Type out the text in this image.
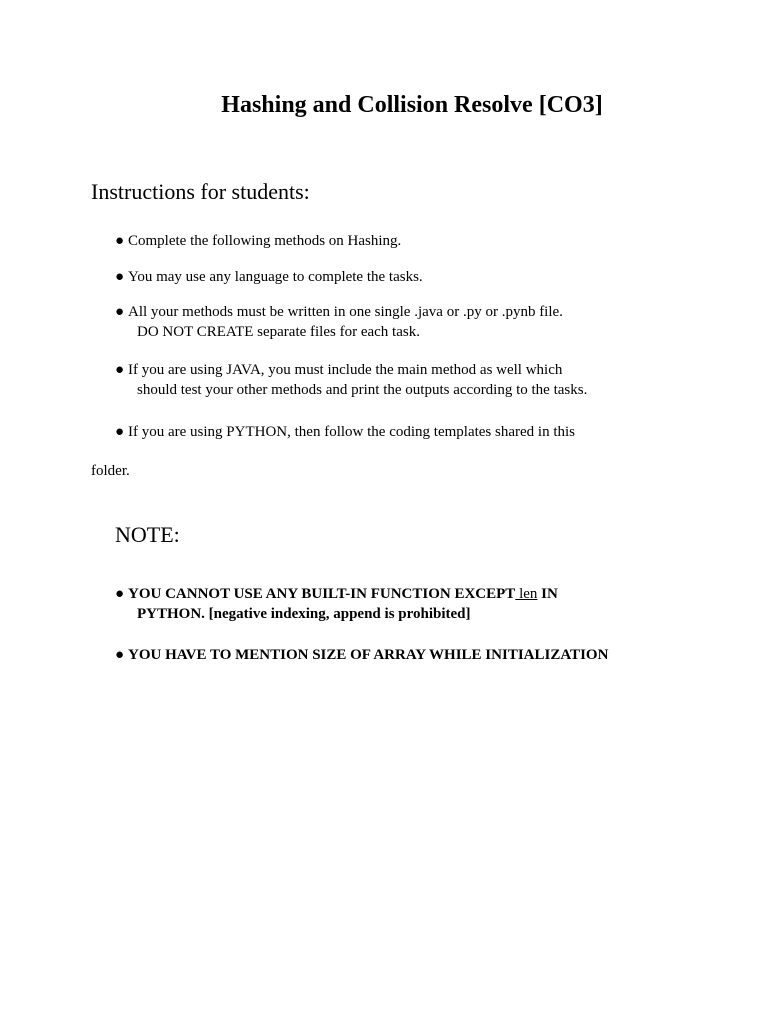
Hashing and Collision Resolve [CO3]
Instructions for students:
● Complete the following methods on Hashing.
● You may use any language to complete the tasks.
● All your methods must be written in one single .java or .py or .pynb file.
DO NOT CREATE separate files for each task.
● If you are using JAVA, you must include the main method as well which
should test your other methods and print the outputs according to the tasks.
● If you are using PYTHON, then follow the coding templates shared in this

folder.

NOTE:
● YOU CANNOT USE ANY BUILT-IN FUNCTION EXCEPT len IN
PYTHON. [negative indexing, append is prohibited]
● YOU HAVE TO MENTION SIZE OF ARRAY WHILE INITIALIZATION
